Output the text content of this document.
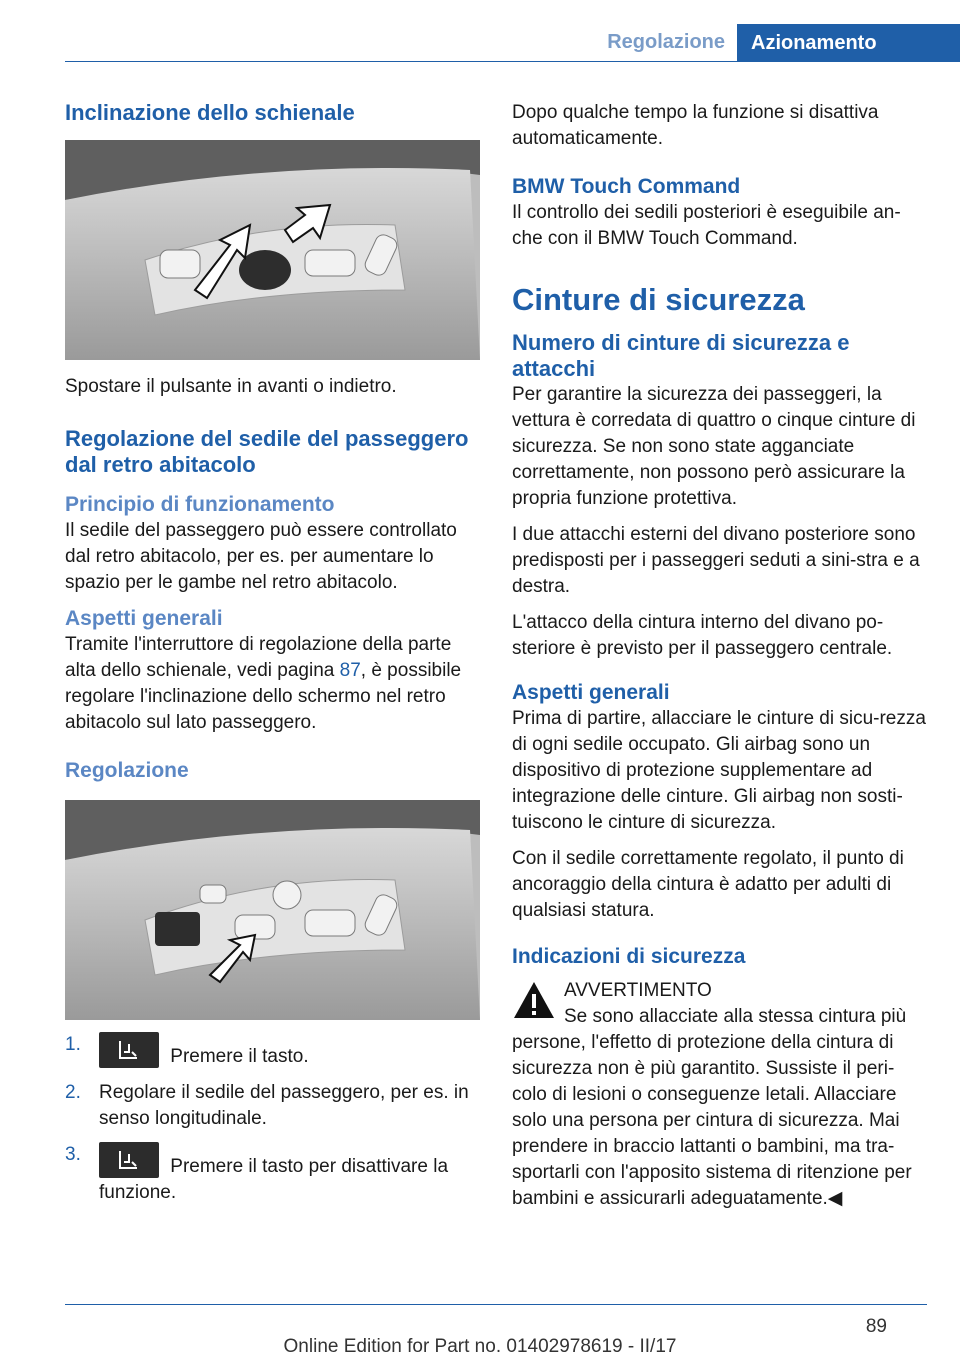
Regolazione	Azionamento
Inclinazione dello schienale

Spostare il pulsante in avanti o indietro.

Regolazione del sedile del passeggero dal retro abitacolo
Principio di funzionamento

Il sedile del passeggero può essere controllato dal retro abitacolo, per es. per aumentare lo spazio per le gambe nel retro abitacolo.

Aspetti generali

Tramite l'interruttore di regolazione della parte alta dello schienale, vedi pagina 87, è possibile regolare l'inclinazione dello schermo nel retro abitacolo sul lato passeggero.

Regolazione
1.
Premere il tasto.
2. Regolare il sedile del passeggero, per es. in senso longitudinale.
3.
Premere il tasto per disattivare la funzione.

Dopo qualche tempo la funzione si disattiva automaticamente.

BMW Touch Command

Il controllo dei sedili posteriori è eseguibile an‐che con il BMW Touch Command.

Cinture di sicurezza
Numero di cinture di sicurezza e attacchi

Per garantire la sicurezza dei passeggeri, la vettura è corredata di quattro o cinque cinture di sicurezza. Se non sono state agganciate correttamente, non possono però assicurare la propria funzione protettiva.

I due attacchi esterni del divano posteriore sono predisposti per i passeggeri seduti a sini‐stra e a destra.

L'attacco della cintura interno del divano po‐steriore è previsto per il passeggero centrale.

Aspetti generali

Prima di partire, allacciare le cinture di sicu‐rezza di ogni sedile occupato. Gli airbag sono un dispositivo di protezione supplementare ad integrazione delle cinture. Gli airbag non sosti‐tuiscono le cinture di sicurezza.

Con il sedile correttamente regolato, il punto di ancoraggio della cintura è adatto per adulti di qualsiasi statura.

Indicazioni di sicurezza

AVVERTIMENTO

Se sono allacciate alla stessa cintura più persone, l'effetto di protezione della cintura di sicurezza non è più garantito. Sussiste il peri‐colo di lesioni o conseguenze letali. Allacciare solo una persona per cintura di sicurezza. Mai prendere in braccio lattanti o bambini, ma tra‐sportarli con l'apposito sistema di ritenzione per bambini e assicurarli adeguatamente.◀

89
Online Edition for Part no. 01402978619 - II/17
